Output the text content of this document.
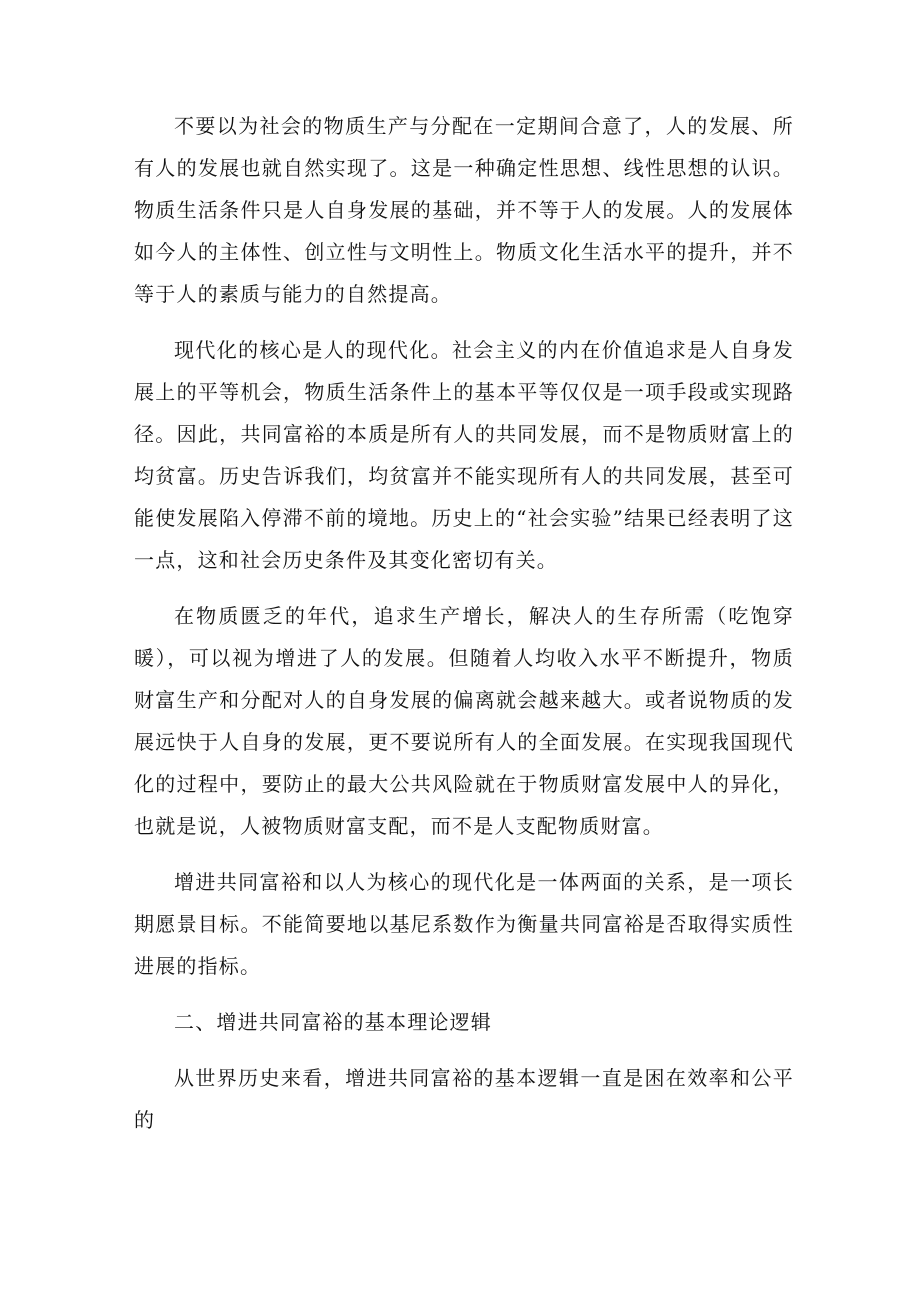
不要以为社会的物质生产与分配在一定期间合意了，人的发展、所有人的发展也就自然实现了。这是一种确定性思想、线性思想的认识。物质生活条件只是人自身发展的基础，并不等于人的发展。人的发展体如今人的主体性、创立性与文明性上。物质文化生活水平的提升，并不等于人的素质与能力的自然提高。

现代化的核心是人的现代化。社会主义的内在价值追求是人自身发展上的平等机会，物质生活条件上的基本平等仅仅是一项手段或实现路径。因此，共同富裕的本质是所有人的共同发展，而不是物质财富上的均贫富。历史告诉我们，均贫富并不能实现所有人的共同发展，甚至可能使发展陷入停滞不前的境地。历史上的“社会实验”结果已经表明了这一点，这和社会历史条件及其变化密切有关。

在物质匮乏的年代，追求生产增长，解决人的生存所需（吃饱穿暖），可以视为增进了人的发展。但随着人均收入水平不断提升，物质财富生产和分配对人的自身发展的偏离就会越来越大。或者说物质的发展远快于人自身的发展，更不要说所有人的全面发展。在实现我国现代化的过程中，要防止的最大公共风险就在于物质财富发展中人的异化，也就是说，人被物质财富支配，而不是人支配物质财富。

增进共同富裕和以人为核心的现代化是一体两面的关系，是一项长期愿景目标。不能简要地以基尼系数作为衡量共同富裕是否取得实质性进展的指标。

二、增进共同富裕的基本理论逻辑

从世界历史来看，增进共同富裕的基本逻辑一直是困在效率和公平的
